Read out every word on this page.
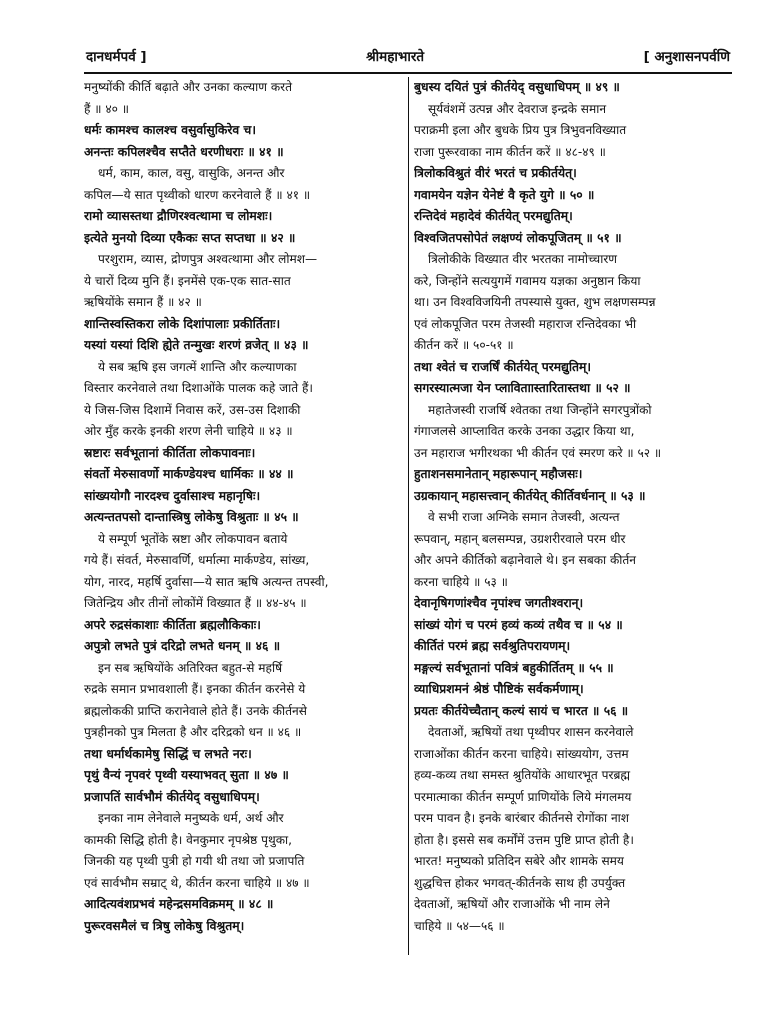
दानधर्मपर्व ]	श्रीमहाभारते	[ अनुशासनपर्वणि
मनुष्योंकी कीर्ति बढ़ाते और उनका कल्याण करते
हैं ॥ ४० ॥
धर्मः कामश्च कालश्च वसुर्वासुकिरेव च।
अनन्तः कपिलश्चैव सप्तैते धरणीधराः ॥ ४१ ॥
धर्म, काम, काल, वसु, वासुकि, अनन्त और
कपिल—ये सात पृथ्वीको धारण करनेवाले हैं ॥ ४१ ॥
रामो व्यासस्तथा द्रौणिरश्वत्थामा च लोमशः।
इत्येते मुनयो दिव्या एकैकः सप्त सप्तधा ॥ ४२ ॥
परशुराम, व्यास, द्रोणपुत्र अश्वत्थामा और लोमश—
ये चारों दिव्य मुनि हैं। इनमेंसे एक-एक सात-सात
ऋषियोंके समान हैं ॥ ४२ ॥
शान्तिस्वस्तिकरा लोके दिशांपालाः प्रकीर्तिताः।
यस्यां यस्यां दिशि ह्येते तन्मुखः शरणं व्रजेत् ॥ ४३ ॥
ये सब ऋषि इस जगत्में शान्ति और कल्याणका
विस्तार करनेवाले तथा दिशाओंके पालक कहे जाते हैं।
ये जिस-जिस दिशामें निवास करें, उस-उस दिशाकी
ओर मुँह करके इनकी शरण लेनी चाहिये ॥ ४३ ॥
स्रष्टारः सर्वभूतानां कीर्तिता लोकपावनाः।
संवर्तो मेरुसावर्णो मार्कण्डेयश्च धार्मिकः ॥ ४४ ॥
सांख्ययोगौ नारदश्च दुर्वासाश्च महानृषिः।
अत्यन्ततपसो दान्तास्त्रिषु लोकेषु विश्रुताः ॥ ४५ ॥
ये सम्पूर्ण भूतोंके स्रष्टा और लोकपावन बताये
गये हैं। संवर्त, मेरुसावर्णि, धर्मात्मा मार्कण्डेय, सांख्य,
योग, नारद, महर्षि दुर्वासा—ये सात ऋषि अत्यन्त तपस्वी,
जितेन्द्रिय और तीनों लोकोंमें विख्यात हैं ॥ ४४-४५ ॥
अपरे रुद्रसंकाशाः कीर्तिता ब्रह्मलौकिकाः।
अपुत्रो लभते पुत्रं दरिद्रो लभते धनम् ॥ ४६ ॥
इन सब ऋषियोंके अतिरिक्त बहुत-से महर्षि
रुद्रके समान प्रभावशाली हैं। इनका कीर्तन करनेसे ये
ब्रह्मलोककी प्राप्ति करानेवाले होते हैं। उनके कीर्तनसे
पुत्रहीनको पुत्र मिलता है और दरिद्रको धन ॥ ४६ ॥
तथा धर्मार्थकामेषु सिद्धिं च लभते नरः।
पृथुं वैन्यं नृपवरं पृथ्वी यस्याभवत् सुता ॥ ४७ ॥
प्रजापतिं सार्वभौमं कीर्तयेद् वसुधाधिपम्।
इनका नाम लेनेवाले मनुष्यके धर्म, अर्थ और
कामकी सिद्धि होती है। वेनकुमार नृपश्रेष्ठ पृथुका,
जिनकी यह पृथ्वी पुत्री हो गयी थी तथा जो प्रजापति
एवं सार्वभौम सम्राट् थे, कीर्तन करना चाहिये ॥ ४७ ॥
आदित्यवंशप्रभवं महेन्द्रसमविक्रमम् ॥ ४८ ॥
पुरूरवसमैलं च त्रिषु लोकेषु विश्रुतम्।
बुधस्य दयितं पुत्रं कीर्तयेद् वसुधाधिपम् ॥ ४९ ॥
सूर्यवंशमें उत्पन्न और देवराज इन्द्रके समान
पराक्रमी इला और बुधके प्रिय पुत्र त्रिभुवनविख्यात
राजा पुरूरवाका नाम कीर्तन करें ॥ ४८-४९ ॥
त्रिलोकविश्रुतं वीरं भरतं च प्रकीर्तयेत्।
गवामयेन यज्ञेन येनेष्टं वै कृते युगे ॥ ५० ॥
रन्तिदेवं महादेवं कीर्तयेत् परमद्युतिम्।
विश्वजितपसोपेतं लक्षण्यं लोकपूजितम् ॥ ५१ ॥
त्रिलोकीके विख्यात वीर भरतका नामोच्चारण
करे, जिन्होंने सत्ययुगमें गवामय यज्ञका अनुष्ठान किया
था। उन विश्वविजयिनी तपस्यासे युक्त, शुभ लक्षणसम्पन्न
एवं लोकपूजित परम तेजस्वी महाराज रन्तिदेवका भी
कीर्तन करें ॥ ५०-५१ ॥
तथा श्वेतं च राजर्षिं कीर्तयेत् परमद्युतिम्।
सगरस्यात्मजा येन प्लाविताास्तारितास्तथा ॥ ५२ ॥
महातेजस्वी राजर्षि श्वेतका तथा जिन्होंने सगरपुत्रोंको
गंगाजलसे आप्लावित करके उनका उद्धार किया था,
उन महाराज भगीरथका भी कीर्तन एवं स्मरण करे ॥ ५२ ॥
हुताशनसमानेतान् महारूपान् महौजसः।
उग्रकायान् महासत्त्वान् कीर्तयेत् कीर्तिवर्धनान् ॥ ५३ ॥
वे सभी राजा अग्निके समान तेजस्वी, अत्यन्त
रूपवान्, महान् बलसम्पन्न, उग्रशरीरवाले परम धीर
और अपने कीर्तिको बढ़ानेवाले थे। इन सबका कीर्तन
करना चाहिये ॥ ५३ ॥
देवानृषिगणांश्चैव नृपांश्च जगतीश्वरान्।
सांख्यं योगं च परमं हव्यं कव्यं तथैव च ॥ ५४ ॥
कीर्तितं परमं ब्रह्म सर्वश्रुतिपरायणम्।
मङ्गल्यं सर्वभूतानां पवित्रं बहुकीर्तितम् ॥ ५५ ॥
व्याधिप्रशमनं श्रेष्ठं पौष्टिकं सर्वकर्मणाम्।
प्रयतः कीर्तयेच्चैतान् कल्यं सायं च भारत ॥ ५६ ॥
देवताओं, ऋषियों तथा पृथ्वीपर शासन करनेवाले
राजाओंका कीर्तन करना चाहिये। सांख्ययोग, उत्तम
हव्य-कव्य तथा समस्त श्रुतियोंके आधारभूत परब्रह्म
परमात्माका कीर्तन सम्पूर्ण प्राणियोंके लिये मंगलमय
परम पावन है। इनके बारंबार कीर्तनसे रोगोंका नाश
होता है। इससे सब कर्मोंमें उत्तम पुष्टि प्राप्त होती है।
भारत! मनुष्यको प्रतिदिन सबेरे और शामके समय
शुद्धचित्त होकर भगवत्-कीर्तनके साथ ही उपर्युक्त
देवताओं, ऋषियों और राजाओंके भी नाम लेने
चाहिये ॥ ५४—५६ ॥
